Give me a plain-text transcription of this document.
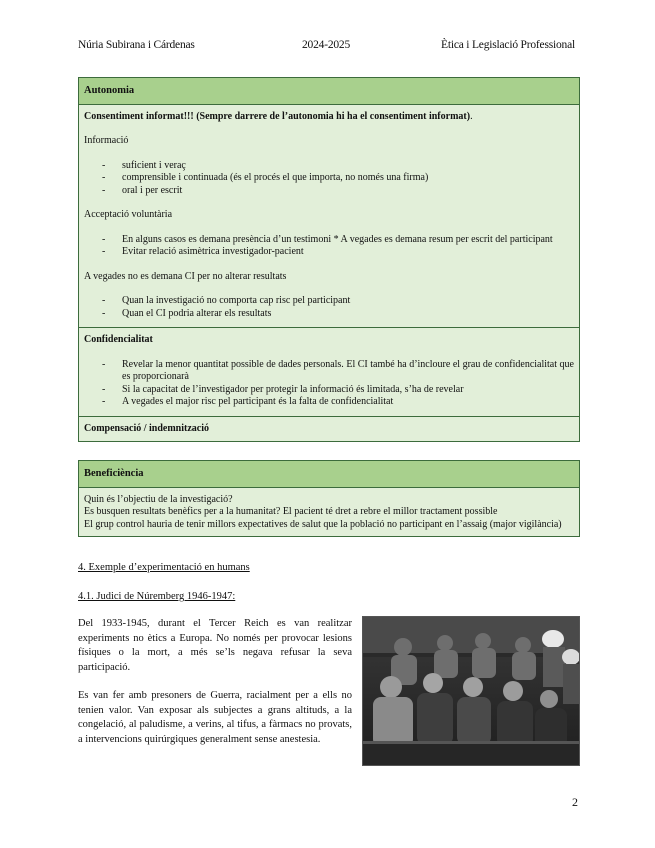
Núria Subirana i Cárdenas	2024-2025	Ètica i Legislació Professional
Autonomia
Consentiment informat!!! (Sempre darrere de l’autonomia hi ha el consentiment informat).
Informació
- suficient i veraç
- comprensible i continuada (és el procés el que importa, no només una firma)
- oral i per escrit
Acceptació voluntària
- En alguns casos es demana presència d’un testimoni * A vegades es demana resum per escrit del participant
- Evitar relació asimètrica investigador-pacient
A vegades no es demana CI per no alterar resultats
- Quan la investigació no comporta cap risc pel participant
- Quan el CI podria alterar els resultats
Confidencialitat
- Revelar la menor quantitat possible de dades personals. El CI també ha d’incloure el grau de confidencialitat que es proporcionarà
- Si la capacitat de l’investigador per protegir la informació és limitada, s’ha de revelar
- A vegades el major risc pel participant és la falta de confidencialitat
Compensació / indemnització
Beneficiència
Quin és l’objectiu de la investigació?
Es busquen resultats benèfics per a la humanitat? El pacient té dret a rebre el millor tractament possible
El grup control hauria de tenir millors expectatives de salut que la població no participant en l’assaig (major vigilància)
4. Exemple d’experimentació en humans
4.1. Judici de Núremberg 1946-1947:

Del 1933-1945, durant el Tercer Reich es van realitzar experiments no ètics a Europa. No només per provocar lesions físiques o la mort, a més se’ls negava refusar la seva participació.

Es van fer amb presoners de Guerra, racialment per a ells no tenien valor. Van exposar als subjectes a grans altituds, a la congelació, al paludisme, a verins, al tifus, a fàrmacs no provats, a intervencions quirúrgiques generalment sense anestesia.

2
